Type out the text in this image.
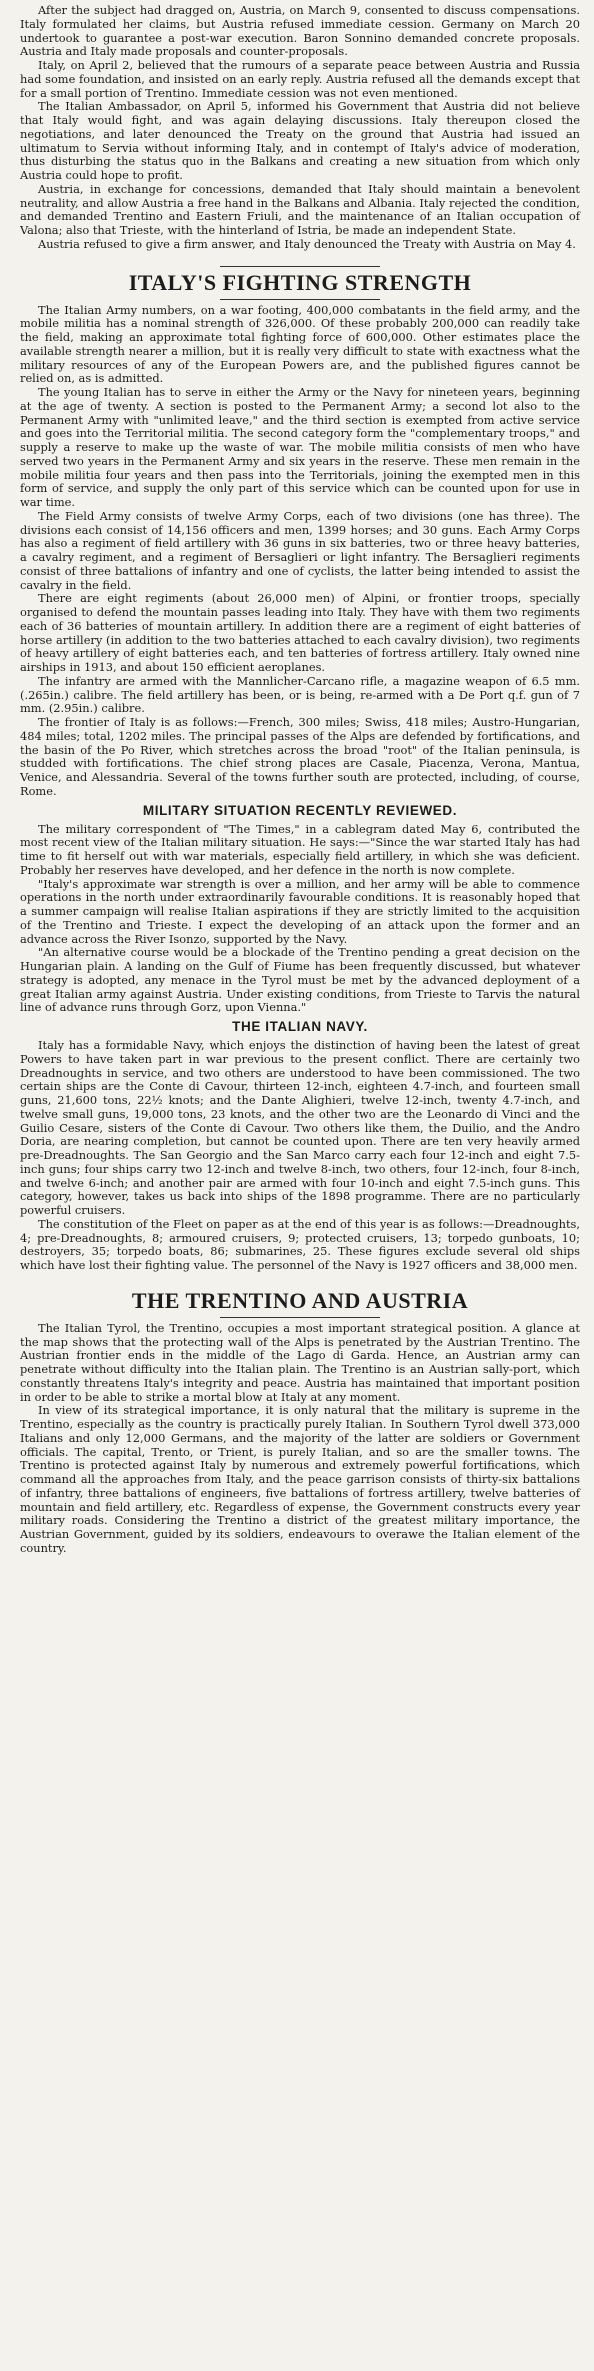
After the subject had dragged on, Austria, on March 9, consented to discuss compensations. Italy formulated her claims, but Austria refused immediate cession. Germany on March 20 undertook to guarantee a post-war execution. Baron Sonnino demanded concrete proposals. Austria and Italy made proposals and counter-proposals.

Italy, on April 2, believed that the rumours of a separate peace between Austria and Russia had some foundation, and insisted on an early reply. Austria refused all the demands except that for a small portion of Trentino. Immediate cession was not even mentioned.

The Italian Ambassador, on April 5, informed his Government that Austria did not believe that Italy would fight, and was again delaying discussions. Italy thereupon closed the negotiations, and later denounced the Treaty on the ground that Austria had issued an ultimatum to Servia without informing Italy, and in contempt of Italy's advice of moderation, thus disturbing the status quo in the Balkans and creating a new situation from which only Austria could hope to profit.

Austria, in exchange for concessions, demanded that Italy should maintain a benevolent neutrality, and allow Austria a free hand in the Balkans and Albania. Italy rejected the condition, and demanded Trentino and Eastern Friuli, and the maintenance of an Italian occupation of Valona; also that Trieste, with the hinterland of Istria, be made an independent State.

Austria refused to give a firm answer, and Italy denounced the Treaty with Austria on May 4.

ITALY'S FIGHTING STRENGTH

The Italian Army numbers, on a war footing, 400,000 combatants in the field army, and the mobile militia has a nominal strength of 326,000. Of these probably 200,000 can readily take the field, making an approximate total fighting force of 600,000. Other estimates place the available strength nearer a million, but it is really very difficult to state with exactness what the military resources of any of the European Powers are, and the published figures cannot be relied on, as is admitted.

The young Italian has to serve in either the Army or the Navy for nineteen years, beginning at the age of twenty. A section is posted to the Permanent Army; a second lot also to the Permanent Army with "unlimited leave," and the third section is exempted from active service and goes into the Territorial militia. The second category form the "complementary troops," and supply a reserve to make up the waste of war. The mobile militia consists of men who have served two years in the Permanent Army and six years in the reserve. These men remain in the mobile militia four years and then pass into the Territorials, joining the exempted men in this form of service, and supply the only part of this service which can be counted upon for use in war time.

The Field Army consists of twelve Army Corps, each of two divisions (one has three). The divisions each consist of 14,156 officers and men, 1399 horses; and 30 guns. Each Army Corps has also a regiment of field artillery with 36 guns in six batteries, two or three heavy batteries, a cavalry regiment, and a regiment of Bersaglieri or light infantry. The Bersaglieri regiments consist of three battalions of infantry and one of cyclists, the latter being intended to assist the cavalry in the field.

There are eight regiments (about 26,000 men) of Alpini, or frontier troops, specially organised to defend the mountain passes leading into Italy. They have with them two regiments each of 36 batteries of mountain artillery. In addition there are a regiment of eight batteries of horse artillery (in addition to the two batteries attached to each cavalry division), two regiments of heavy artillery of eight batteries each, and ten batteries of fortress artillery. Italy owned nine airships in 1913, and about 150 efficient aeroplanes.

The infantry are armed with the Mannlicher-Carcano rifle, a magazine weapon of 6.5 mm. (.265in.) calibre. The field artillery has been, or is being, re-armed with a De Port q.f. gun of 7 mm. (2.95in.) calibre.

The frontier of Italy is as follows:—French, 300 miles; Swiss, 418 miles; Austro-Hungarian, 484 miles; total, 1202 miles. The principal passes of the Alps are defended by fortifications, and the basin of the Po River, which stretches across the broad "root" of the Italian peninsula, is studded with fortifications. The chief strong places are Casale, Piacenza, Verona, Mantua, Venice, and Alessandria. Several of the towns further south are protected, including, of course, Rome.

MILITARY SITUATION RECENTLY REVIEWED.

The military correspondent of "The Times," in a cablegram dated May 6, contributed the most recent view of the Italian military situation. He says:—"Since the war started Italy has had time to fit herself out with war materials, especially field artillery, in which she was deficient. Probably her reserves have developed, and her defence in the north is now complete.

"Italy's approximate war strength is over a million, and her army will be able to commence operations in the north under extraordinarily favourable conditions. It is reasonably hoped that a summer campaign will realise Italian aspirations if they are strictly limited to the acquisition of the Trentino and Trieste. I expect the developing of an attack upon the former and an advance across the River Isonzo, supported by the Navy.

"An alternative course would be a blockade of the Trentino pending a great decision on the Hungarian plain. A landing on the Gulf of Fiume has been frequently discussed, but whatever strategy is adopted, any menace in the Tyrol must be met by the advanced deployment of a great Italian army against Austria. Under existing conditions, from Trieste to Tarvis the natural line of advance runs through Gorz, upon Vienna."

THE ITALIAN NAVY.

Italy has a formidable Navy, which enjoys the distinction of having been the latest of great Powers to have taken part in war previous to the present conflict. There are certainly two Dreadnoughts in service, and two others are understood to have been commissioned. The two certain ships are the Conte di Cavour, thirteen 12-inch, eighteen 4.7-inch, and fourteen small guns, 21,600 tons, 22½ knots; and the Dante Alighieri, twelve 12-inch, twenty 4.7-inch, and twelve small guns, 19,000 tons, 23 knots, and the other two are the Leonardo di Vinci and the Guilio Cesare, sisters of the Conte di Cavour. Two others like them, the Duilio, and the Andro Doria, are nearing completion, but cannot be counted upon. There are ten very heavily armed pre-Dreadnoughts. The San Georgio and the San Marco carry each four 12-inch and eight 7.5-inch guns; four ships carry two 12-inch and twelve 8-inch, two others, four 12-inch, four 8-inch, and twelve 6-inch; and another pair are armed with four 10-inch and eight 7.5-inch guns. This category, however, takes us back into ships of the 1898 programme. There are no particularly powerful cruisers.

The constitution of the Fleet on paper as at the end of this year is as follows:—Dreadnoughts, 4; pre-Dreadnoughts, 8; armoured cruisers, 9; protected cruisers, 13; torpedo gunboats, 10; destroyers, 35; torpedo boats, 86; submarines, 25. These figures exclude several old ships which have lost their fighting value. The personnel of the Navy is 1927 officers and 38,000 men.

THE TRENTINO AND AUSTRIA

The Italian Tyrol, the Trentino, occupies a most important strategical position. A glance at the map shows that the protecting wall of the Alps is penetrated by the Austrian Trentino. The Austrian frontier ends in the middle of the Lago di Garda. Hence, an Austrian army can penetrate without difficulty into the Italian plain. The Trentino is an Austrian sally-port, which constantly threatens Italy's integrity and peace. Austria has maintained that important position in order to be able to strike a mortal blow at Italy at any moment.

In view of its strategical importance, it is only natural that the military is supreme in the Trentino, especially as the country is practically purely Italian. In Southern Tyrol dwell 373,000 Italians and only 12,000 Germans, and the majority of the latter are soldiers or Government officials. The capital, Trento, or Trient, is purely Italian, and so are the smaller towns. The Trentino is protected against Italy by numerous and extremely powerful fortifications, which command all the approaches from Italy, and the peace garrison consists of thirty-six battalions of infantry, three battalions of engineers, five battalions of fortress artillery, twelve batteries of mountain and field artillery, etc. Regardless of expense, the Government constructs every year military roads. Considering the Trentino a district of the greatest military importance, the Austrian Government, guided by its soldiers, endeavours to overawe the Italian element of the country.
